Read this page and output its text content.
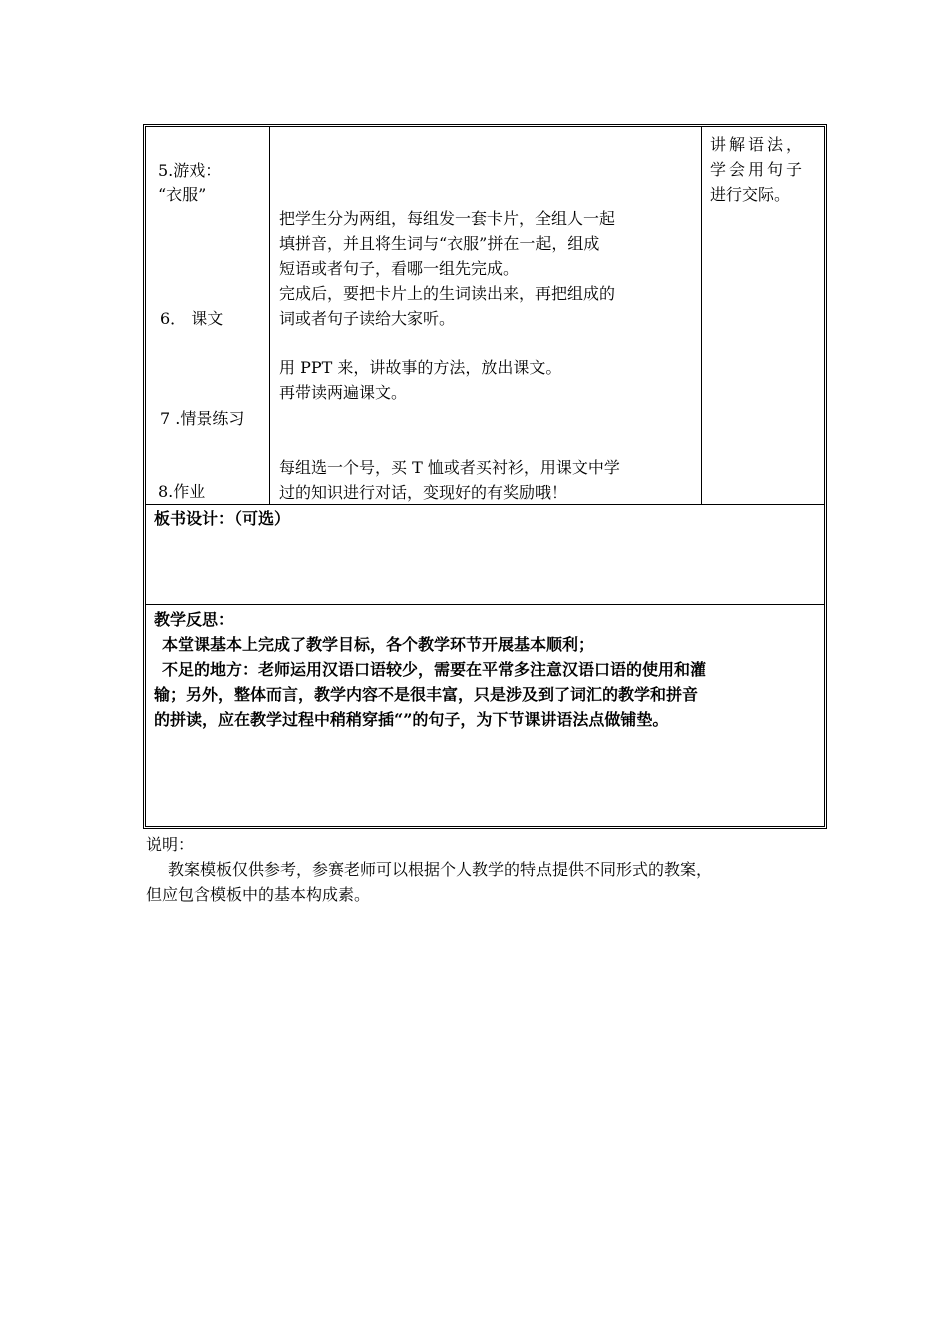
5.游戏：
“衣服”
6． 课文
7 .情景练习
8.作业
把学生分为两组，每组发一套卡片，全组人一起
填拼音，并且将生词与“衣服”拼在一起，组成
短语或者句子，看哪一组先完成。
完成后，要把卡片上的生词读出来，再把组成的
词或者句子读给大家听。
用 PPT 来，讲故事的方法，放出课文。
再带读两遍课文。
每组选一个号，买 T 恤或者买衬衫，用课文中学
过的知识进行对话，变现好的有奖励哦！
讲解语法，
学会用句子
进行交际。
板书设计：（可选）
教学反思：
本堂课基本上完成了教学目标，各个教学环节开展基本顺利；
不足的地方：老师运用汉语口语较少，需要在平常多注意汉语口语的使用和灌
输；另外，整体而言，教学内容不是很丰富，只是涉及到了词汇的教学和拼音
的拼读，应在教学过程中稍稍穿插“”的句子，为下节课讲语法点做铺垫。
说明：
教案模板仅供参考，参赛老师可以根据个人教学的特点提供不同形式的教案，
但应包含模板中的基本构成素。
